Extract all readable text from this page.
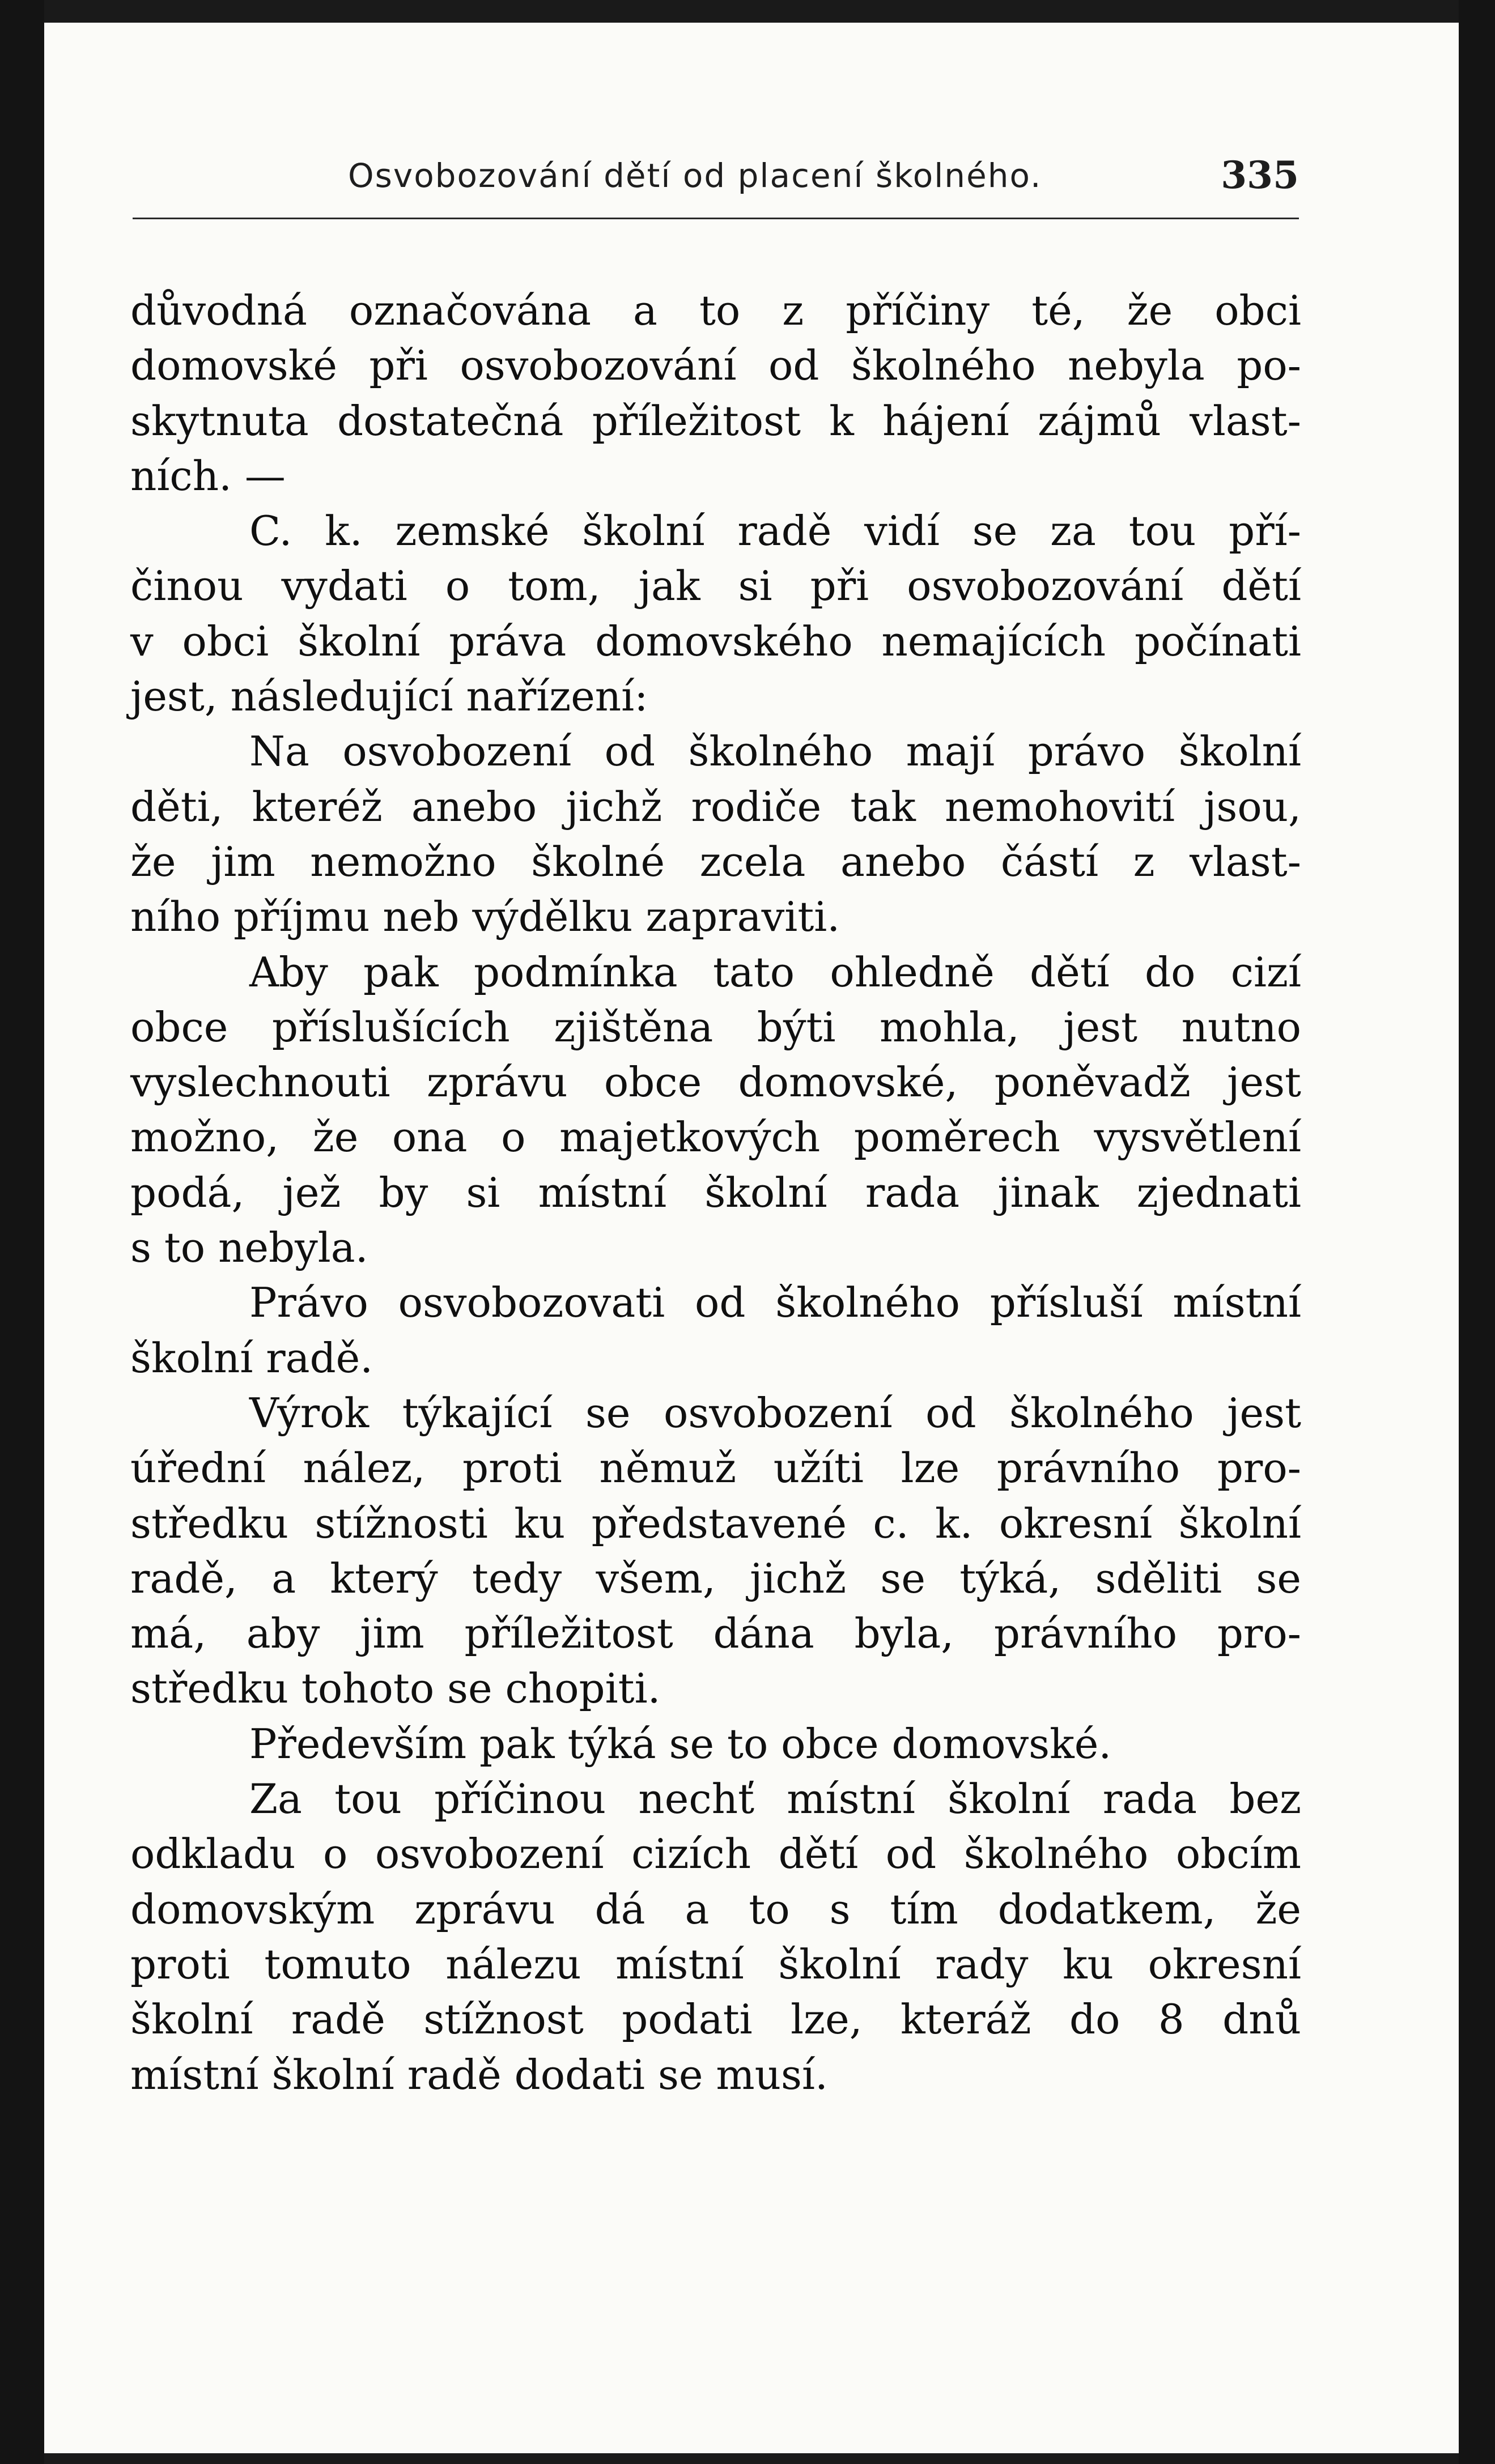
Osvobozování dětí od placení školného.	335

důvodná označována a to z příčiny té, že obci
domovské při osvobozování od školného nebyla po-
skytnuta dostatečná příležitost k hájení zájmů vlast-
ních. —

C. k. zemské školní radě vidí se za tou pří-
činou vydati o tom, jak si při osvobozování dětí
v obci školní práva domovského nemajících počínati
jest, následující nařízení:

Na osvobození od školného mají právo školní
děti, kteréž anebo jichž rodiče tak nemohovití jsou,
že jim nemožno školné zcela anebo částí z vlast-
ního příjmu neb výdělku zapraviti.

Aby pak podmínka tato ohledně dětí do cizí
obce příslušících zjištěna býti mohla, jest nutno
vyslechnouti zprávu obce domovské, poněvadž jest
možno, že ona o majetkových poměrech vysvětlení
podá, jež by si místní školní rada jinak zjednati
s to nebyla.

Právo osvobozovati od školného přísluší místní
školní radě.

Výrok týkající se osvobození od školného jest
úřední nález, proti němuž užíti lze právního pro-
středku stížnosti ku představené c. k. okresní školní
radě, a který tedy všem, jichž se týká, sděliti se
má, aby jim příležitost dána byla, právního pro-
středku tohoto se chopiti.

Především pak týká se to obce domovské.

Za tou příčinou nechť místní školní rada bez
odkladu o osvobození cizích dětí od školného obcím
domovským zprávu dá a to s tím dodatkem, že
proti tomuto nálezu místní školní rady ku okresní
školní radě stížnost podati lze, kteráž do 8 dnů
místní školní radě dodati se musí.
